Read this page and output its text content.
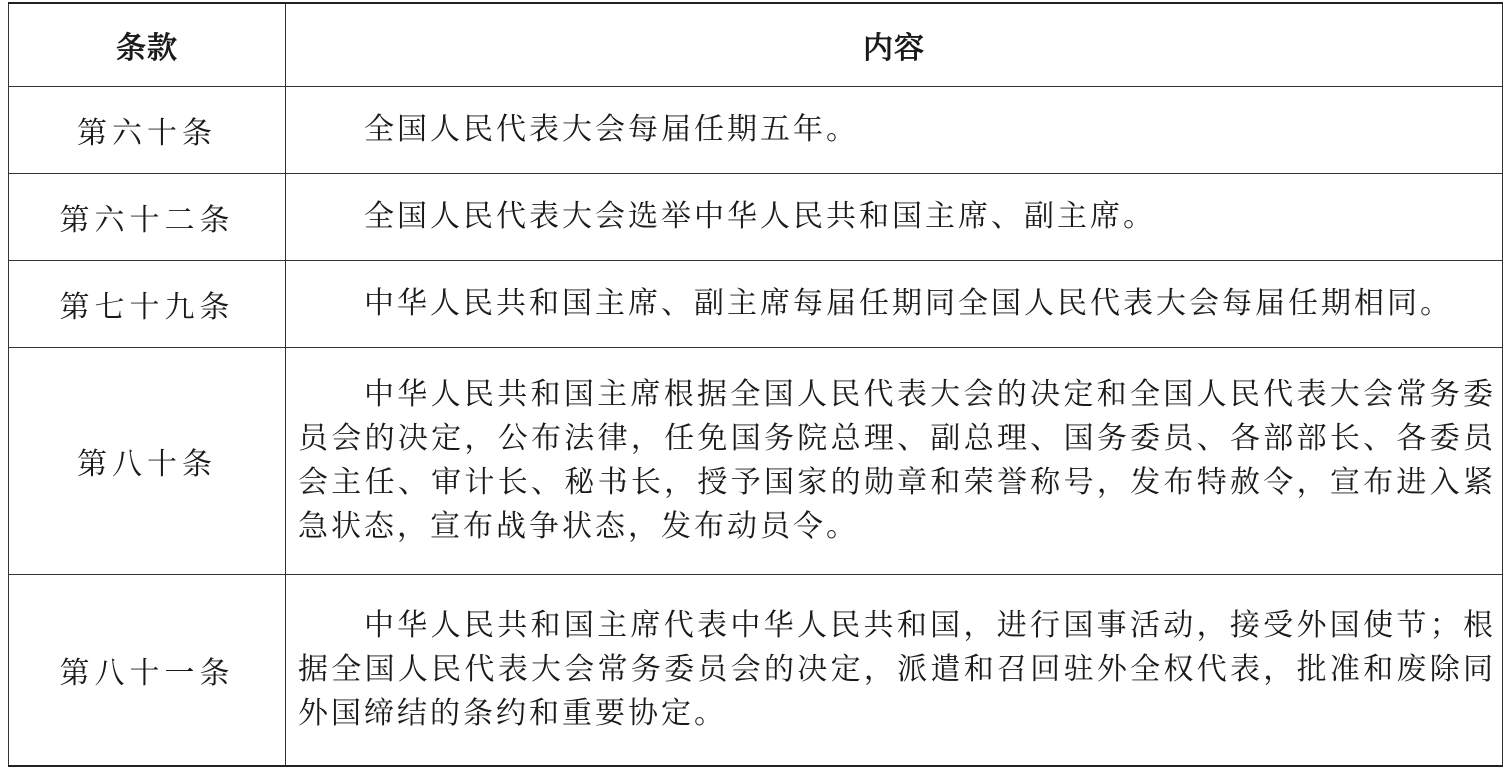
条款	内容
第六十条	全国人民代表大会每届任期五年。

第六十二条	全国人民代表大会选举中华人民共和国主席、副主席。

第七十九条	中华人民共和国主席、副主席每届任期同全国人民代表大会每届任期相同。

第八十条	中华人民共和国主席根据全国人民代表大会的决定和全国人民代表大会常务委员会的决定，公布法律，任免国务院总理、副总理、国务委员、各部部长、各委员会主任、审计长、秘书长，授予国家的勋章和荣誉称号，发布特赦令，宣布进入紧急状态，宣布战争状态，发布动员令。

第八十一条	中华人民共和国主席代表中华人民共和国，进行国事活动，接受外国使节；根据全国人民代表大会常务委员会的决定，派遣和召回驻外全权代表，批准和废除同外国缔结的条约和重要协定。
